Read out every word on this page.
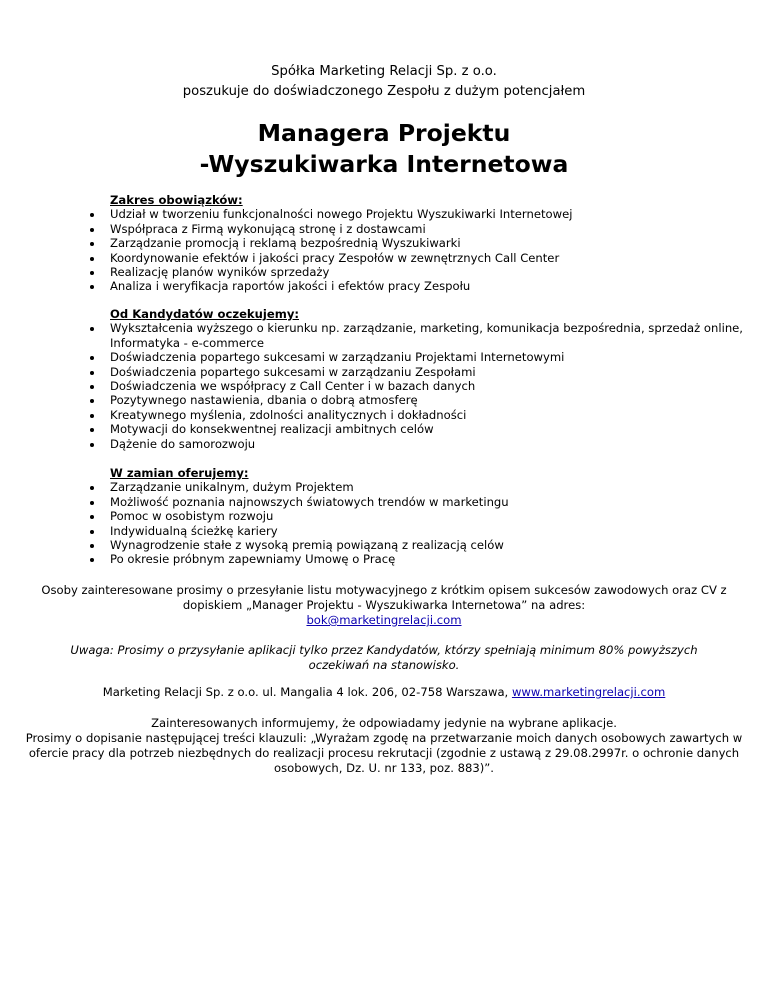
Spółka Marketing Relacji Sp. z o.o.
poszukuje do doświadczonego Zespołu z dużym potencjałem
Managera Projektu
-Wyszukiwarka Internetowa
Zakres obowiązków:
Udział w tworzeniu funkcjonalności nowego Projektu Wyszukiwarki Internetowej
Współpraca z Firmą wykonującą stronę i z dostawcami
Zarządzanie promocją i reklamą bezpośrednią Wyszukiwarki
Koordynowanie efektów i jakości pracy Zespołów w zewnętrznych Call Center
Realizację planów wyników sprzedaży
Analiza i weryfikacja raportów jakości i efektów pracy Zespołu
Od Kandydatów oczekujemy:
Wykształcenia wyższego o kierunku np. zarządzanie, marketing, komunikacja bezpośrednia, sprzedaż online, Informatyka - e-commerce
Doświadczenia popartego sukcesami w zarządzaniu Projektami Internetowymi
Doświadczenia popartego sukcesami w zarządzaniu Zespołami
Doświadczenia we współpracy z Call Center i w bazach danych
Pozytywnego nastawienia, dbania o dobrą atmosferę
Kreatywnego myślenia, zdolności analitycznych i dokładności
Motywacji do konsekwentnej realizacji ambitnych celów
Dążenie do samorozwoju
W zamian oferujemy:
Zarządzanie unikalnym, dużym Projektem
Możliwość poznania najnowszych światowych trendów w marketingu
Pomoc w osobistym rozwoju
Indywidualną ścieżkę kariery
Wynagrodzenie stałe z wysoką premią powiązaną z realizacją celów
Po okresie próbnym zapewniamy Umowę o Pracę
Osoby zainteresowane prosimy o przesyłanie listu motywacyjnego z krótkim opisem sukcesów zawodowych oraz CV z dopiskiem „Manager Projektu - Wyszukiwarka Internetowa” na adres:
bok@marketingrelacji.com
Uwaga: Prosimy o przysyłanie aplikacji tylko przez Kandydatów, którzy spełniają minimum 80% powyższych oczekiwań na stanowisko.
Marketing Relacji Sp. z o.o. ul. Mangalia 4 lok. 206, 02-758 Warszawa, www.marketingrelacji.com
Zainteresowanych informujemy, że odpowiadamy jedynie na wybrane aplikacje.
Prosimy o dopisanie następującej treści klauzuli: „Wyrażam zgodę na przetwarzanie moich danych osobowych zawartych w ofercie pracy dla potrzeb niezbędnych do realizacji procesu rekrutacji (zgodnie z ustawą z 29.08.2997r. o ochronie danych osobowych, Dz. U. nr 133, poz. 883)”.
